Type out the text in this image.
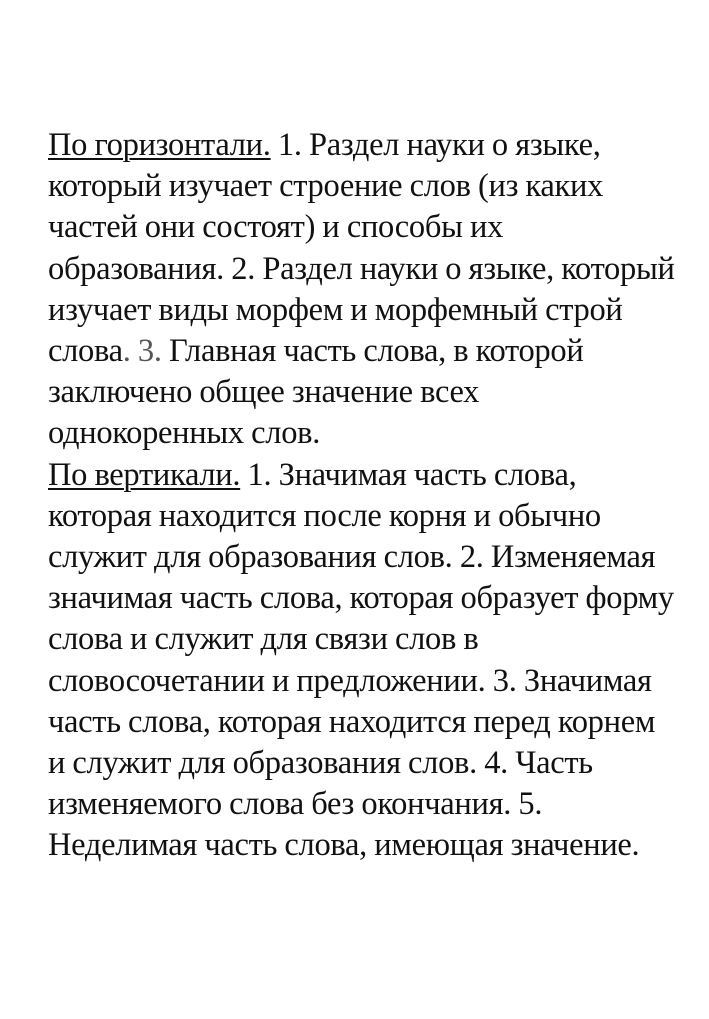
По горизонтали. 1. Раздел науки о языке, который изучает строение слов (из каких частей они состоят) и способы их образования. 2. Раздел науки о языке, который изучает виды морфем и морфемный строй слова. 3. Главная часть слова, в которой заключено общее значение всех однокоренных слов.

По вертикали. 1. Значимая часть слова, которая находится после корня и обычно служит для образования слов. 2. Изменяемая значимая часть слова, которая образует форму слова и служит для связи слов в словосочетании и предложении. 3. Значимая часть слова, которая находится перед корнем и служит для образования слов. 4. Часть изменяемого слова без окончания. 5. Неделимая часть слова, имеющая значение.
